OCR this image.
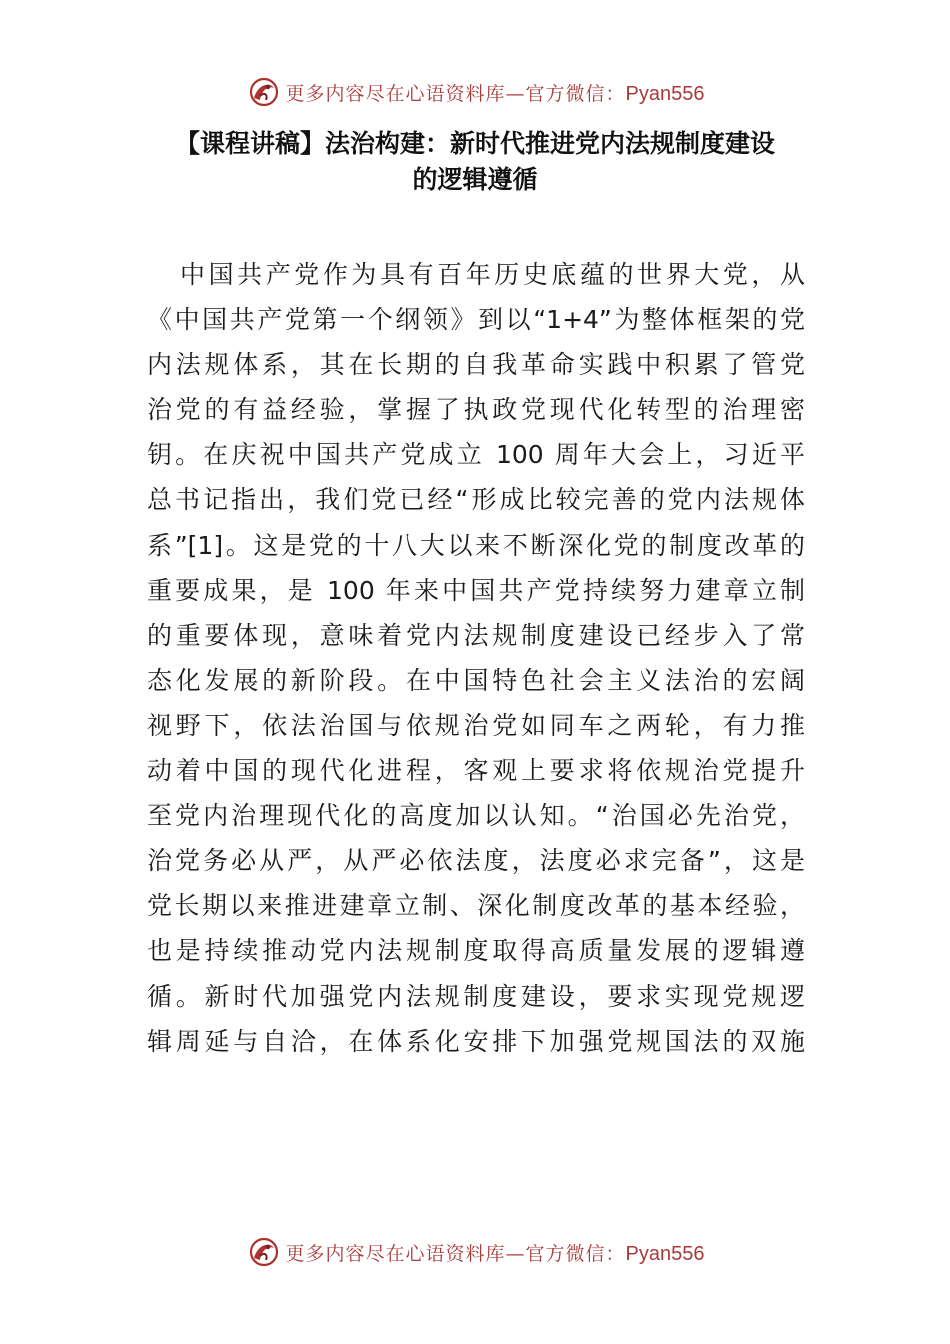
更多内容尽在心语资料库—官方微信：Pyan556
【课程讲稿】法治构建：新时代推进党内法规制度建设
的逻辑遵循
中国共产党作为具有百年历史底蕴的世界大党，从
《中国共产党第一个纲领》到以“1+4”为整体框架的党
内法规体系，其在长期的自我革命实践中积累了管党
治党的有益经验，掌握了执政党现代化转型的治理密
钥。在庆祝中国共产党成立 100 周年大会上，习近平
总书记指出，我们党已经“形成比较完善的党内法规体
系”[1]。这是党的十八大以来不断深化党的制度改革的
重要成果，是 100 年来中国共产党持续努力建章立制
的重要体现，意味着党内法规制度建设已经步入了常
态化发展的新阶段。在中国特色社会主义法治的宏阔
视野下，依法治国与依规治党如同车之两轮，有力推
动着中国的现代化进程，客观上要求将依规治党提升
至党内治理现代化的高度加以认知。“治国必先治党，
治党务必从严，从严必依法度，法度必求完备”，这是
党长期以来推进建章立制、深化制度改革的基本经验，
也是持续推动党内法规制度取得高质量发展的逻辑遵
循。新时代加强党内法规制度建设，要求实现党规逻
辑周延与自洽，在体系化安排下加强党规国法的双施
更多内容尽在心语资料库—官方微信：Pyan556
